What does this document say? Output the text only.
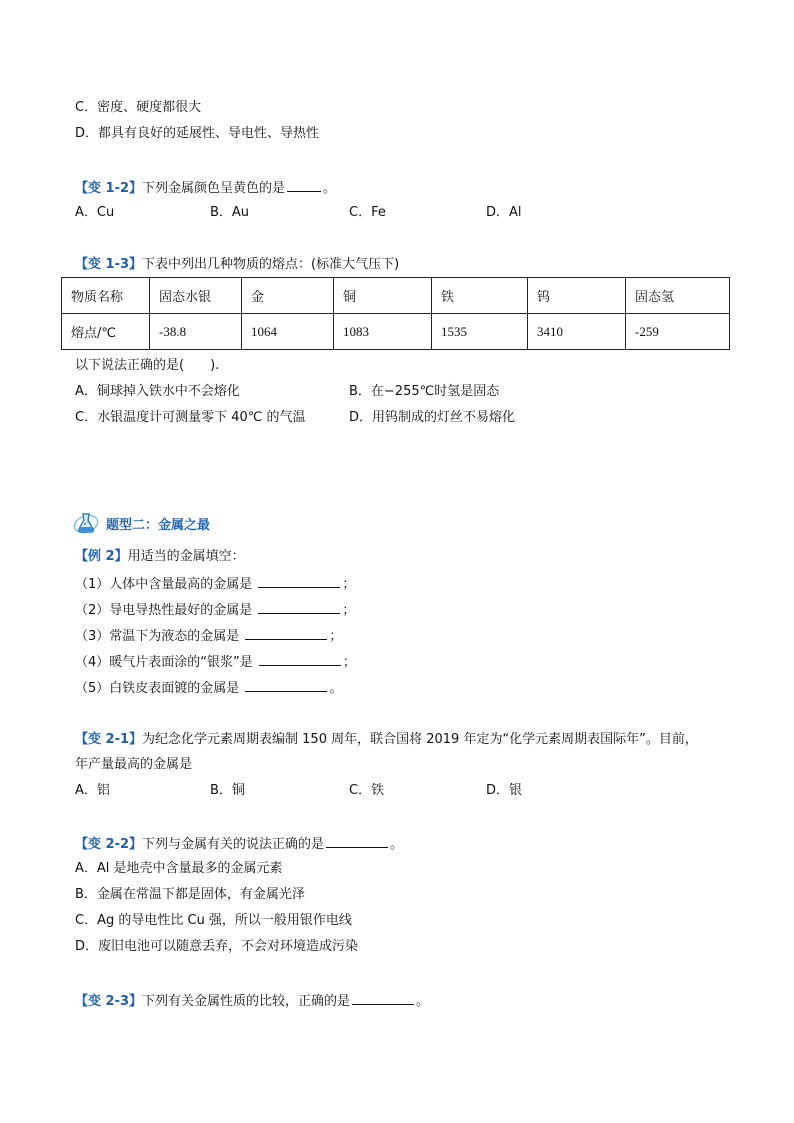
C．密度、硬度都很大
D．都具有良好的延展性、导电性、导热性
【变 1-2】下列金属颜色呈黄色的是	。
A．Cu	B．Au	C．Fe	D．Al
【变 1-3】下表中列出几种物质的熔点：(标准大气压下)
物质名称	固态水银	金	铜	铁	钨	固态氢
熔点/℃	-38.8	1064	1083	1535	3410	-259
以下说法正确的是(　　).
A．铜球掉入铁水中不会熔化	B．在−255℃时氢是固态
C．水银温度计可测量零下 40℃ 的气温	D．用钨制成的灯丝不易熔化
题型二：金属之最
【例 2】用适当的金属填空：
（1）人体中含量最高的金属是	；
（2）导电导热性最好的金属是	；
（3）常温下为液态的金属是	；
（4）暖气片表面涂的“银浆”是	；
（5）白铁皮表面镀的金属是	。
【变 2-1】为纪念化学元素周期表编制 150 周年，联合国将 2019 年定为“化学元素周期表国际年”。目前，
年产量最高的金属是
A．铝	B．铜	C．铁	D．银
【变 2-2】下列与金属有关的说法正确的是	。
A．Al 是地壳中含量最多的金属元素
B．金属在常温下都是固体，有金属光泽
C．Ag 的导电性比 Cu 强，所以一般用银作电线
D．废旧电池可以随意丢弃，不会对环境造成污染
【变 2-3】下列有关金属性质的比较，正确的是	。
